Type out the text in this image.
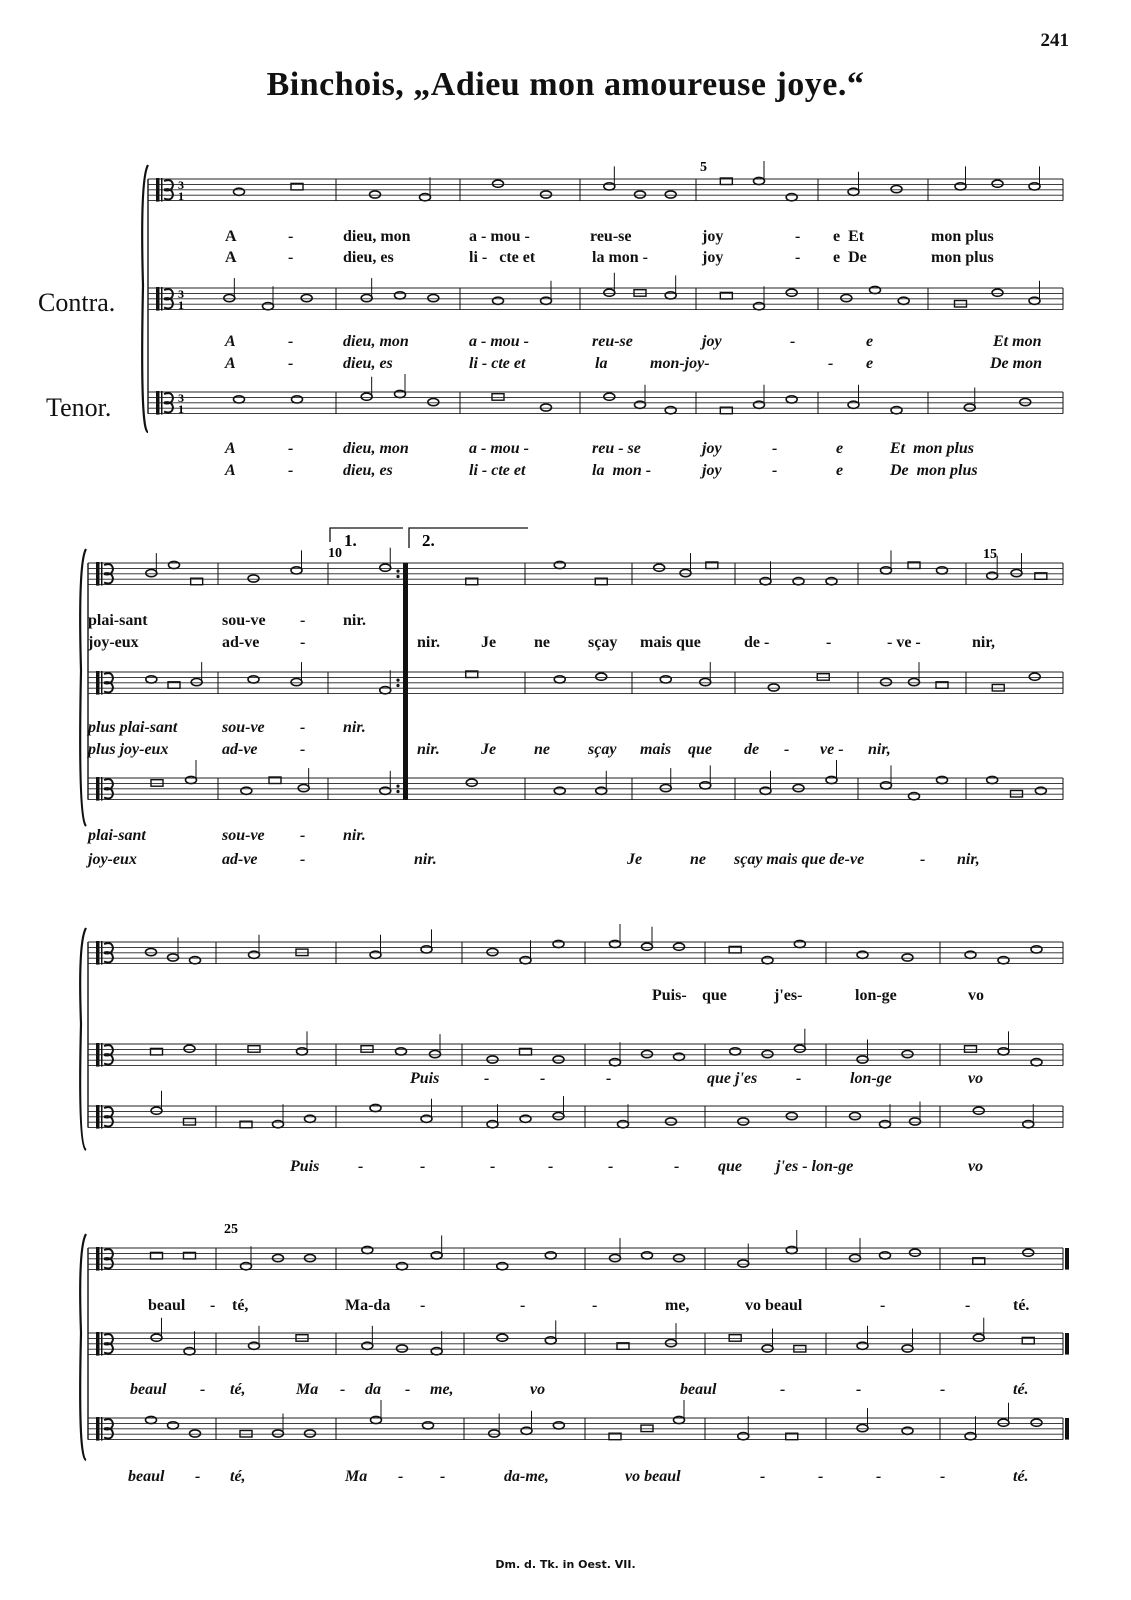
241
Binchois, „Adieu mon amoureuse joye.“
Contra.
Tenor.
3
1
3
1
3
1
5
10	15
25
1.	2.
A	-	dieu, mon	a - mou -	reu-se	joy	- e  Et	mon plus
A	-	dieu, es	li -   cte et	la mon -	joy	- e  De	mon plus
A	-	dieu, mon	a - mou -	reu-se	joy	-	e	Et mon
A	-	dieu, es	li - cte et	la	mon-joy-	- e	De mon
A	-	dieu, mon	a - mou -	reu - se	joy	-	e	Et  mon plus
A	-	dieu, es	li - cte et	la  mon -	joy	-	e	De  mon plus
plai-sant	sou-ve - nir.
joy-eux	ad-ve	-	nir.	Je ne sçay mais que	de -	-	- ve -	nir,
plus plai-sant	sou-ve - nir.
plus joy-eux	ad-ve	-	nir.	Je ne sçay mais que de - ve - nir,
plai-sant	sou-ve - nir.
joy-eux	ad-ve	-	nir.	Je	ne sçay mais que de-ve	- nir,
Puis- que	j'es-	lon-ge	vo
Puis	-	-	-	que j'es -	lon-ge	vo
Puis -	-	-	-	-	- que j'es - lon-ge	vo
beaul - té,	Ma-da -	-	-	me,	vo beaul	-	-	té.
beaul - té,	Ma - da - me,	vo	beaul	-	-	-	té.
beaul - té,	Ma - -	da-me,	vo beaul	-	-	-	-	té.
Dm. d. Tk. in Oest. VII.
